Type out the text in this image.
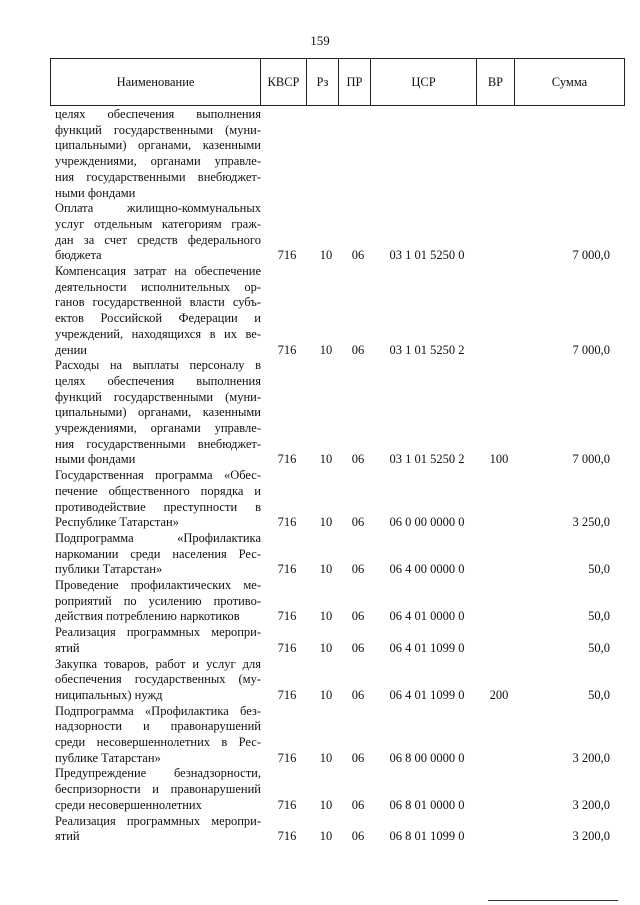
159
Наименование	КВСР	Рз	ПР	ЦСР	ВР	Сумма
целях обеспечения выполнения
функций государственными (муни-
ципальными) органами, казенными
учреждениями, органами управле-
ния государственными внебюджет-
ными фондами
Оплата жилищно-коммунальных
услуг отдельным категориям граж-
дан за счет средств федерального
бюджета	716	10	06	03 1 01 5250 0	7 000,0
Компенсация затрат на обеспечение
деятельности исполнительных ор-
ганов государственной власти субъ-
ектов Российской Федерации и
учреждений, находящихся в их ве-
дении	716	10	06	03 1 01 5250 2	7 000,0
Расходы на выплаты персоналу в
целях обеспечения выполнения
функций государственными (муни-
ципальными) органами, казенными
учреждениями, органами управле-
ния государственными внебюджет-
ными фондами	716	10	06	03 1 01 5250 2	100	7 000,0
Государственная программа «Обес-
печение общественного порядка и
противодействие преступности в
Республике Татарстан»	716	10	06	06 0 00 0000 0	3 250,0
Подпрограмма «Профилактика
наркомании среди населения Рес-
публики Татарстан»	716	10	06	06 4 00 0000 0	50,0
Проведение профилактических ме-
роприятий по усилению противо-
действия потреблению наркотиков	716	10	06	06 4 01 0000 0	50,0
Реализация программных меропри-
ятий	716	10	06	06 4 01 1099 0	50,0
Закупка товаров, работ и услуг для
обеспечения государственных (му-
ниципальных) нужд	716	10	06	06 4 01 1099 0	200	50,0
Подпрограмма «Профилактика без-
надзорности и правонарушений
среди несовершеннолетних в Рес-
публике Татарстан»	716	10	06	06 8 00 0000 0	3 200,0
Предупреждение безнадзорности,
беспризорности и правонарушений
среди несовершеннолетних	716	10	06	06 8 01 0000 0	3 200,0
Реализация программных меропри-
ятий	716	10	06	06 8 01 1099 0	3 200,0
